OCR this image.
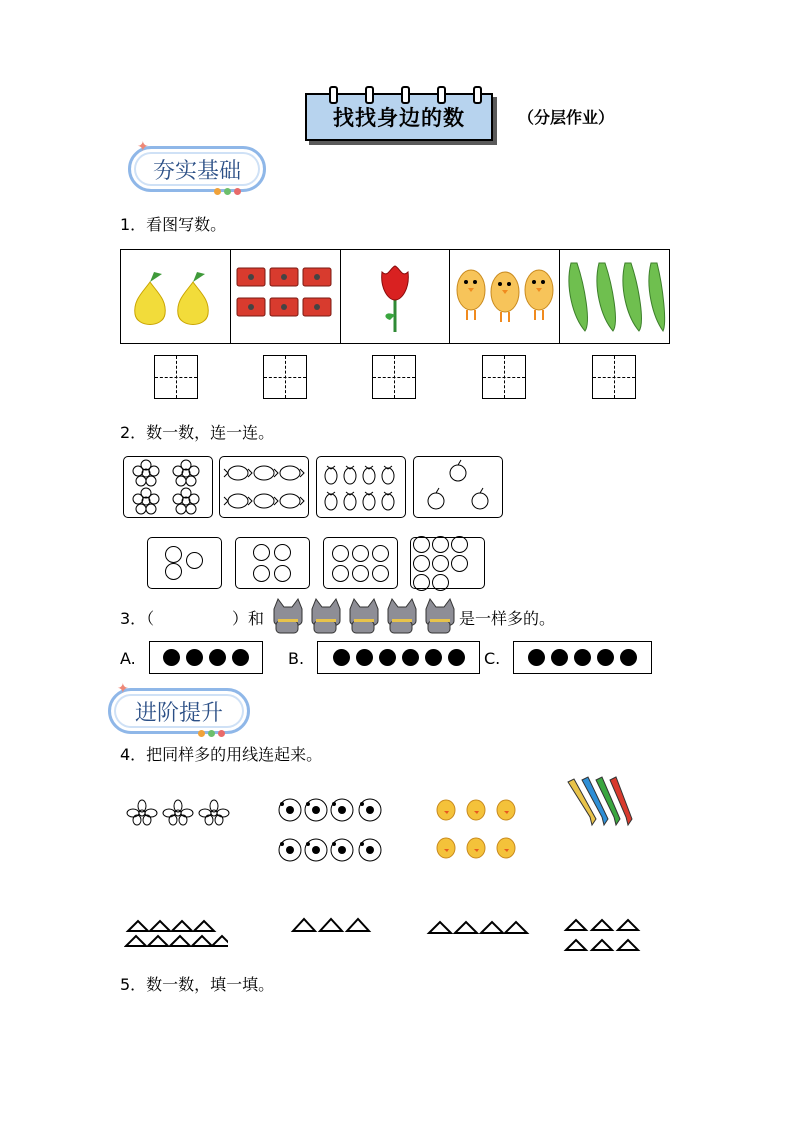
找找身边的数	（分层作业）
✦
夯实基础
1．看图写数。
2．数一数，连一连。
3．（	）和	是一样多的。
A.	B.	C.
✦
进阶提升
4．把同样多的用线连起来。
5．数一数，填一填。
